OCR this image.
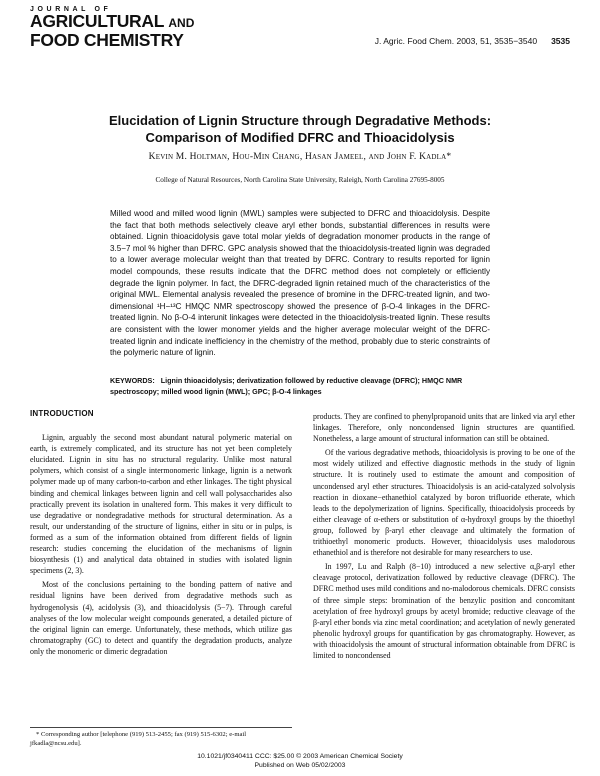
JOURNAL OF
AGRICULTURAL AND
FOOD CHEMISTRY	J. Agric. Food Chem. 2003, 51, 3535−3540 3535
Elucidation of Lignin Structure through Degradative Methods:
Comparison of Modified DFRC and Thioacidolysis
Kevin M. Holtman, Hou-Min Chang, Hasan Jameel, and John F. Kadla*
College of Natural Resources, North Carolina State University, Raleigh, North Carolina 27695-8005

Milled wood and milled wood lignin (MWL) samples were subjected to DFRC and thioacidolysis. Despite the fact that both methods selectively cleave aryl ether bonds, substantial differences in results were obtained. Lignin thioacidolysis gave total molar yields of degradation monomer products in the range of 3.5−7 mol % higher than DFRC. GPC analysis showed that the thioacidolysis-treated lignin was degraded to a lower average molecular weight than that treated by DFRC. Contrary to results reported for lignin model compounds, these results indicate that the DFRC method does not completely or efficiently degrade the lignin polymer. In fact, the DFRC-degraded lignin retained much of the characteristics of the original MWL. Elemental analysis revealed the presence of bromine in the DFRC-treated lignin, and two-dimensional ¹H−¹³C HMQC NMR spectroscopy showed the presence of β-O-4 linkages in the DFRC-treated lignin. No β-O-4 interunit linkages were detected in the thioacidolysis-treated lignin. These results are consistent with the lower monomer yields and the higher average molecular weight of the DFRC-treated lignin and indicate inefficiency in the chemistry of the method, probably due to steric constraints of the polymeric nature of lignin.

KEYWORDS: Lignin thioacidolysis; derivatization followed by reductive cleavage (DFRC); HMQC NMR spectroscopy; milled wood lignin (MWL); GPC; β-O-4 linkages

INTRODUCTION

Lignin, arguably the second most abundant natural polymeric material on earth, is extremely complicated, and its structure has not yet been completely elucidated. Lignin in situ has no structural regularity. Unlike most natural polymers, which consist of a single intermonomeric linkage, lignin is a network polymer made up of many carbon-to-carbon and ether linkages. The tight physical binding and chemical linkages between lignin and cell wall polysaccharides also practically prevent its isolation in unaltered form. This makes it very difficult to use degradative or nondegradative methods for structural determination. As a result, our understanding of the structure of lignins, either in situ or in pulps, is formed as a sum of the information obtained from different fields of lignin research: studies concerning the elucidation of the mechanisms of lignin biosynthesis (1) and analytical data obtained in studies with isolated lignin specimens (2, 3).

Most of the conclusions pertaining to the bonding pattern of native and residual lignins have been derived from degradative methods such as hydrogenolysis (4), acidolysis (3), and thioacidolysis (5−7). Through careful analyses of the low molecular weight compounds generated, a detailed picture of the original lignin can emerge. Unfortunately, these methods, which utilize gas chromatography (GC) to detect and quantify the degradation products, analyze only the monomeric or dimeric degradation

products. They are confined to phenylpropanoid units that are linked via aryl ether linkages. Therefore, only noncondensed lignin structures are quantified. Nonetheless, a large amount of structural information can still be obtained.

Of the various degradative methods, thioacidolysis is proving to be one of the most widely utilized and effective diagnostic methods in the study of lignin structure. It is routinely used to estimate the amount and composition of uncondensed aryl ether structures. Thioacidolysis is an acid-catalyzed solvolysis reaction in dioxane−ethanethiol catalyzed by boron trifluoride etherate, which leads to the depolymerization of lignins. Specifically, thioacidolysis proceeds by either cleavage of α-ethers or substitution of α-hydroxyl groups by the thioethyl group, followed by β-aryl ether cleavage and ultimately the formation of trithioethyl monomeric products. However, thioacidolysis uses malodorous ethanethiol and is therefore not desirable for many researchers to use.

In 1997, Lu and Ralph (8−10) introduced a new selective α,β-aryl ether cleavage protocol, derivatization followed by reductive cleavage (DFRC). The DFRC method uses mild conditions and no-malodorous chemicals. DFRC consists of three simple steps: bromination of the benzylic position and concomitant acetylation of free hydroxyl groups by acetyl bromide; reductive cleavage of the β-aryl ether bonds via zinc metal coordination; and acetylation of newly generated phenolic hydroxyl groups for quantification by gas chromatography. However, as with thioacidolysis the amount of structural information obtainable from DFRC is limited to noncondensed

* Corresponding author [telephone (919) 513-2455; fax (919) 515-6302; e-mail jfkadla@ncsu.edu].

10.1021/jf0340411 CCC: $25.00 © 2003 American Chemical Society
Published on Web 05/02/2003
